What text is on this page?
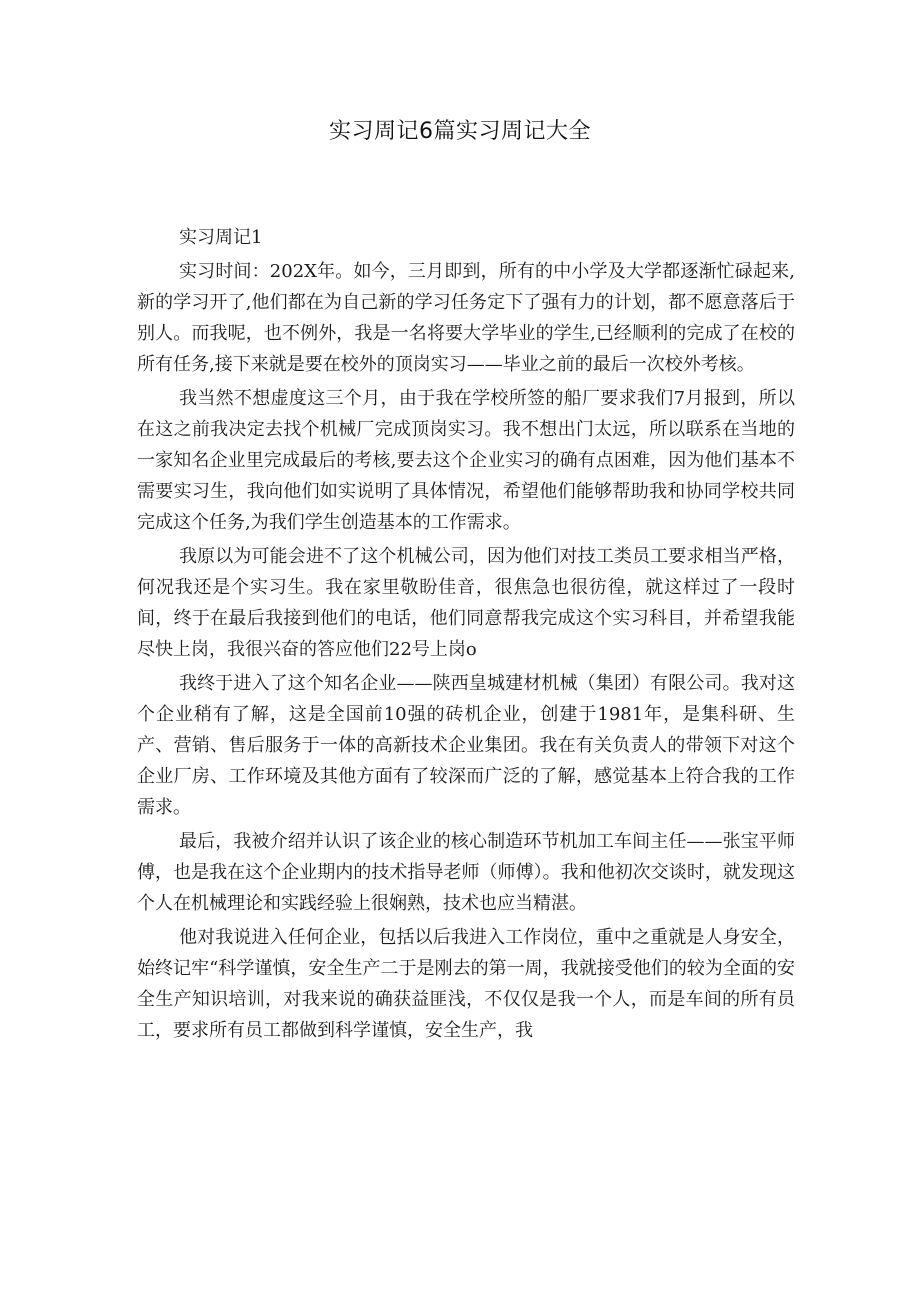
实习周记6篇实习周记大全

实习周记1

实习时间：202X年。如今，三月即到，所有的中小学及大学都逐渐忙碌起来,新的学习开了,他们都在为自己新的学习任务定下了强有力的计划，都不愿意落后于别人。而我呢，也不例外，我是一名将要大学毕业的学生,已经顺利的完成了在校的所有任务,接下来就是要在校外的顶岗实习——毕业之前的最后一次校外考核。

我当然不想虚度这三个月，由于我在学校所签的船厂要求我们7月报到，所以在这之前我决定去找个机械厂完成顶岗实习。我不想出门太远，所以联系在当地的一家知名企业里完成最后的考核,要去这个企业实习的确有点困难，因为他们基本不需要实习生，我向他们如实说明了具体情况，希望他们能够帮助我和协同学校共同完成这个任务,为我们学生创造基本的工作需求。

我原以为可能会进不了这个机械公司，因为他们对技工类员工要求相当严格，何况我还是个实习生。我在家里敬盼佳音，很焦急也很彷徨，就这样过了一段时间，终于在最后我接到他们的电话，他们同意帮我完成这个实习科目，并希望我能尽快上岗，我很兴奋的答应他们22号上岗o

我终于进入了这个知名企业——陕西皇城建材机械（集团）有限公司。我对这个企业稍有了解，这是全国前10强的砖机企业，创建于1981年，是集科研、生产、营销、售后服务于一体的高新技术企业集团。我在有关负责人的带领下对这个企业厂房、工作环境及其他方面有了较深而广泛的了解，感觉基本上符合我的工作需求。

最后，我被介绍并认识了该企业的核心制造环节机加工车间主任——张宝平师傅，也是我在这个企业期内的技术指导老师（师傅）。我和他初次交谈时，就发现这个人在机械理论和实践经验上很娴熟，技术也应当精湛。

他对我说进入任何企业，包括以后我进入工作岗位，重中之重就是人身安全，始终记牢“科学谨慎，安全生产二于是刚去的第一周，我就接受他们的较为全面的安全生产知识培训，对我来说的确获益匪浅，不仅仅是我一个人，而是车间的所有员工，要求所有员工都做到科学谨慎，安全生产，我
